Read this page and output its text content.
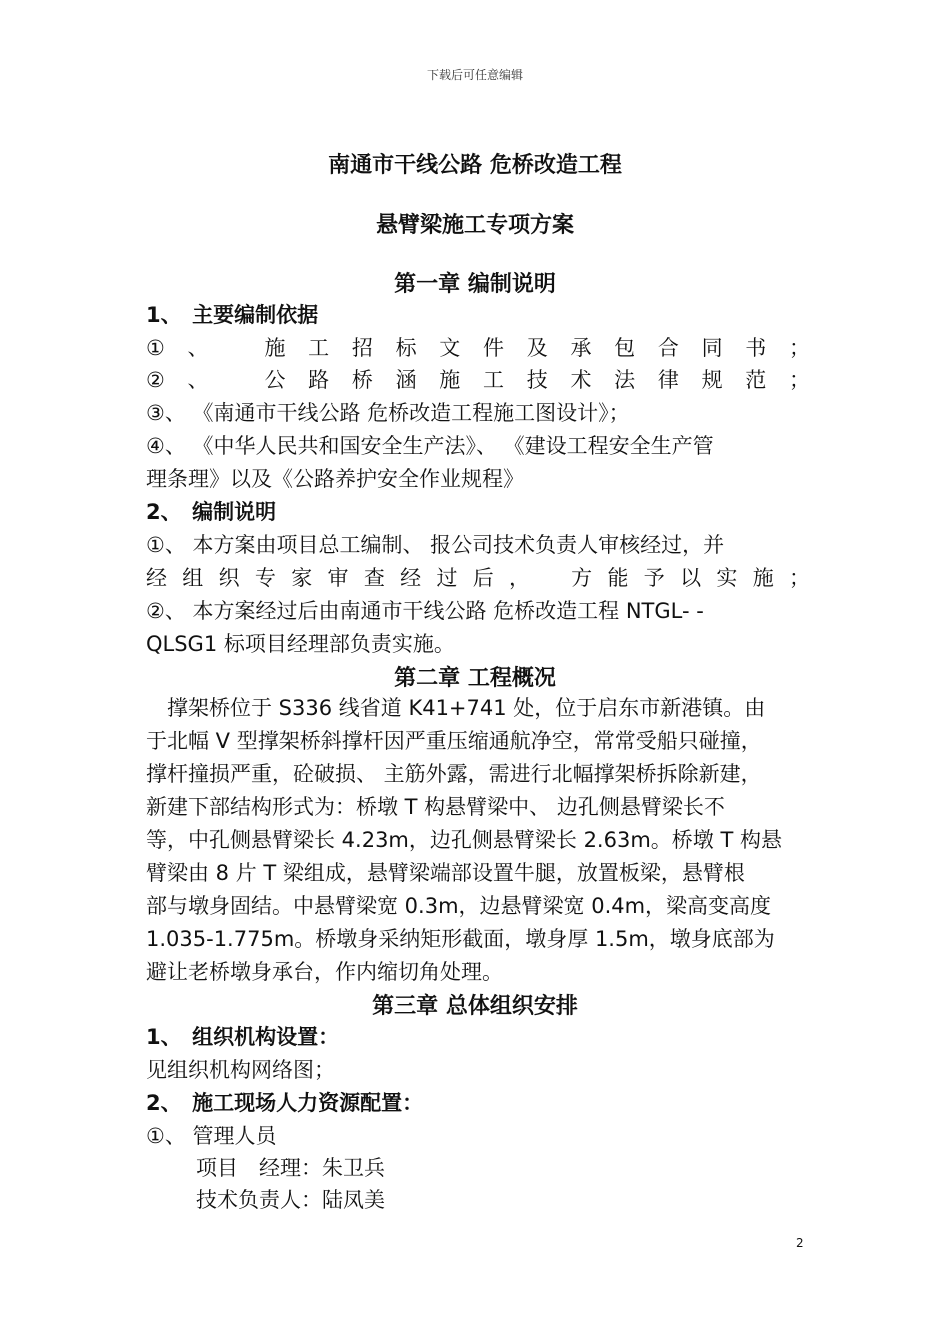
下载后可任意编辑
南通市干线公路 危桥改造工程
悬臂梁施工专项方案
第一章 编制说明
1、　主要编制依据
①、　施工招标文件及承包合同书；
②、　公路桥涵施工技术法律规范；
③、 《南通市干线公路 危桥改造工程施工图设计》；
④、 《中华人民共和国安全生产法》、 《建设工程安全生产管
理条理》以及《公路养护安全作业规程》
2、　编制说明
①、 本方案由项目总工编制、 报公司技术负责人审核经过，并
经组织专家审查经过后，　方能予以实施；
②、 本方案经过后由南通市干线公路 危桥改造工程 NTGL- -
QLSG1 标项目经理部负责实施。
第二章 工程概况
　撑架桥位于 S336 线省道 K41+741 处，位于启东市新港镇。由
于北幅 V 型撑架桥斜撑杆因严重压缩通航净空，常常受船只碰撞，
撑杆撞损严重，砼破损、 主筋外露，需进行北幅撑架桥拆除新建，
新建下部结构形式为：桥墩 T 构悬臂梁中、 边孔侧悬臂梁长不
等，中孔侧悬臂梁长 4.23m，边孔侧悬臂梁长 2.63m。桥墩 T 构悬
臂梁由 8 片 T 梁组成，悬臂梁端部设置牛腿，放置板梁，悬臂根
部与墩身固结。中悬臂梁宽 0.3m，边悬臂梁宽 0.4m，梁高变高度
1.035-1.775m。桥墩身采纳矩形截面，墩身厚 1.5m，墩身底部为
避让老桥墩身承台，作内缩切角处理。
第三章 总体组织安排
1、　组织机构设置：
见组织机构网络图；
2、　施工现场人力资源配置：
①、 管理人员
项目　经理：朱卫兵
技术负责人：陆凤美
2
